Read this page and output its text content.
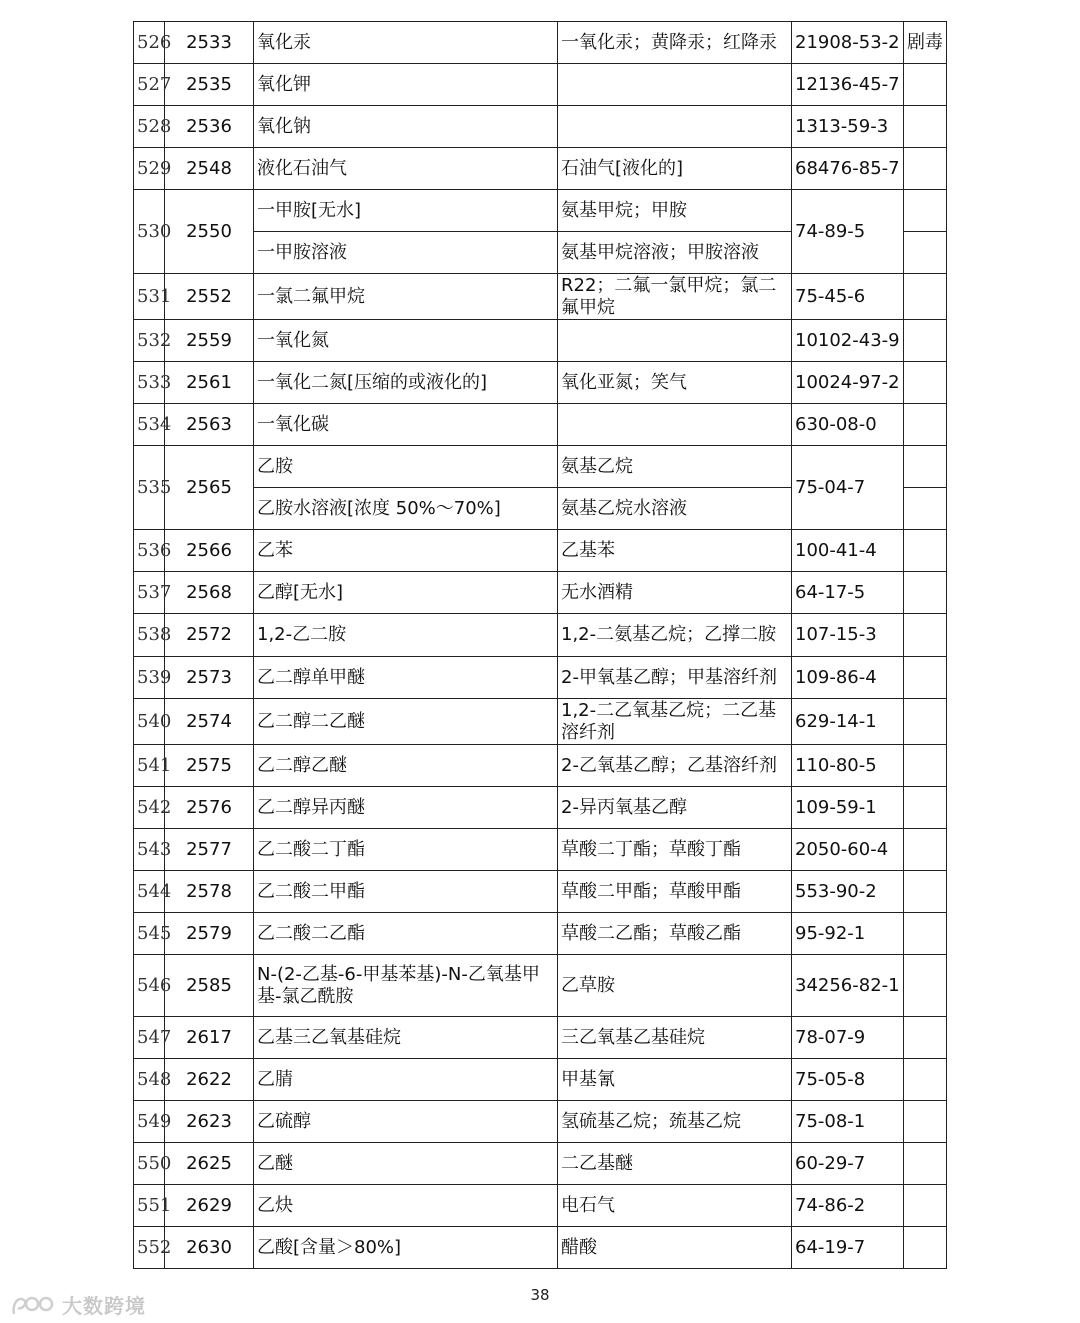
526	2533	氧化汞	一氧化汞；黄降汞；红降汞	21908-53-2	剧毒
527	2535	氧化钾		12136-45-7	
528	2536	氧化钠		1313-59-3	
529	2548	液化石油气	石油气[液化的]	68476-85-7	
530	2550	一甲胺[无水]	氨基甲烷；甲胺	74-89-5	
		一甲胺溶液	氨基甲烷溶液；甲胺溶液		
531	2552	一氯二氟甲烷	R22；二氟一氯甲烷；氯二氟甲烷	75-45-6	
532	2559	一氧化氮		10102-43-9	
533	2561	一氧化二氮[压缩的或液化的]	氧化亚氮；笑气	10024-97-2	
534	2563	一氧化碳		630-08-0	
535	2565	乙胺	氨基乙烷	75-04-7	
		乙胺水溶液[浓度 50%～70%]	氨基乙烷水溶液		
536	2566	乙苯	乙基苯	100-41-4	
537	2568	乙醇[无水]	无水酒精	64-17-5	
538	2572	1,2-乙二胺	1,2-二氨基乙烷；乙撑二胺	107-15-3	
539	2573	乙二醇单甲醚	2-甲氧基乙醇；甲基溶纤剂	109-86-4	
540	2574	乙二醇二乙醚	1,2-二乙氧基乙烷；二乙基溶纤剂	629-14-1	
541	2575	乙二醇乙醚	2-乙氧基乙醇；乙基溶纤剂	110-80-5	
542	2576	乙二醇异丙醚	2-异丙氧基乙醇	109-59-1	
543	2577	乙二酸二丁酯	草酸二丁酯；草酸丁酯	2050-60-4	
544	2578	乙二酸二甲酯	草酸二甲酯；草酸甲酯	553-90-2	
545	2579	乙二酸二乙酯	草酸二乙酯；草酸乙酯	95-92-1	
546	2585	N-(2-乙基-6-甲基苯基)-N-乙氧基甲基-氯乙酰胺	乙草胺	34256-82-1	
547	2617	乙基三乙氧基硅烷	三乙氧基乙基硅烷	78-07-9	
548	2622	乙腈	甲基氰	75-05-8	
549	2623	乙硫醇	氢硫基乙烷；巯基乙烷	75-08-1	
550	2625	乙醚	二乙基醚	60-29-7	
551	2629	乙炔	电石气	74-86-2	
552	2630	乙酸[含量＞80%]	醋酸	64-19-7	
38
大数跨境
